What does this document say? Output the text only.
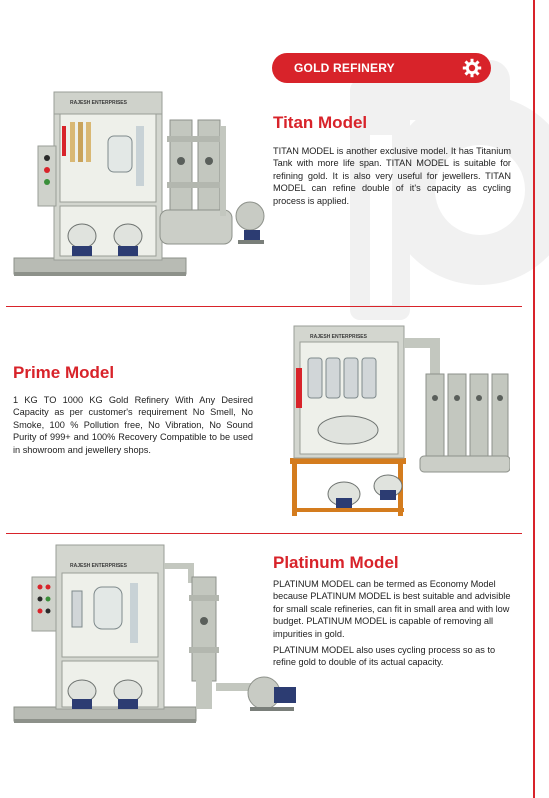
GOLD REFINERY
RAJESH ENTERPRISES
Titan Model

TITAN MODEL is another exclusive model. It has Titanium Tank with more life span. TITAN MODEL is suitable for refining gold. It is also very useful for jewellers. TITAN MODEL can refine double of it's capacity as cycling process is applied.

Prime Model

1 KG TO 1000 KG Gold Refinery With Any Desired Capacity as per customer's requirement No Smell, No Smoke, 100 % Pollution free, No Vibration, No Sound Purity of 999+ and 100% Recovery Compatible to be used in showroom and jewellery shops.

RAJESH ENTERPRISES
RAJESH ENTERPRISES	Platinum Model

PLATINUM MODEL can be termed as Economy Model because PLATINUM MODEL is best suitable and advisible for small scale refineries, can fit in small area and with low budget. PLATINUM MODEL is capable of removing all impurities in gold.

PLATINUM MODEL also uses cycling process so as to refine gold to double of its actual capacity.
